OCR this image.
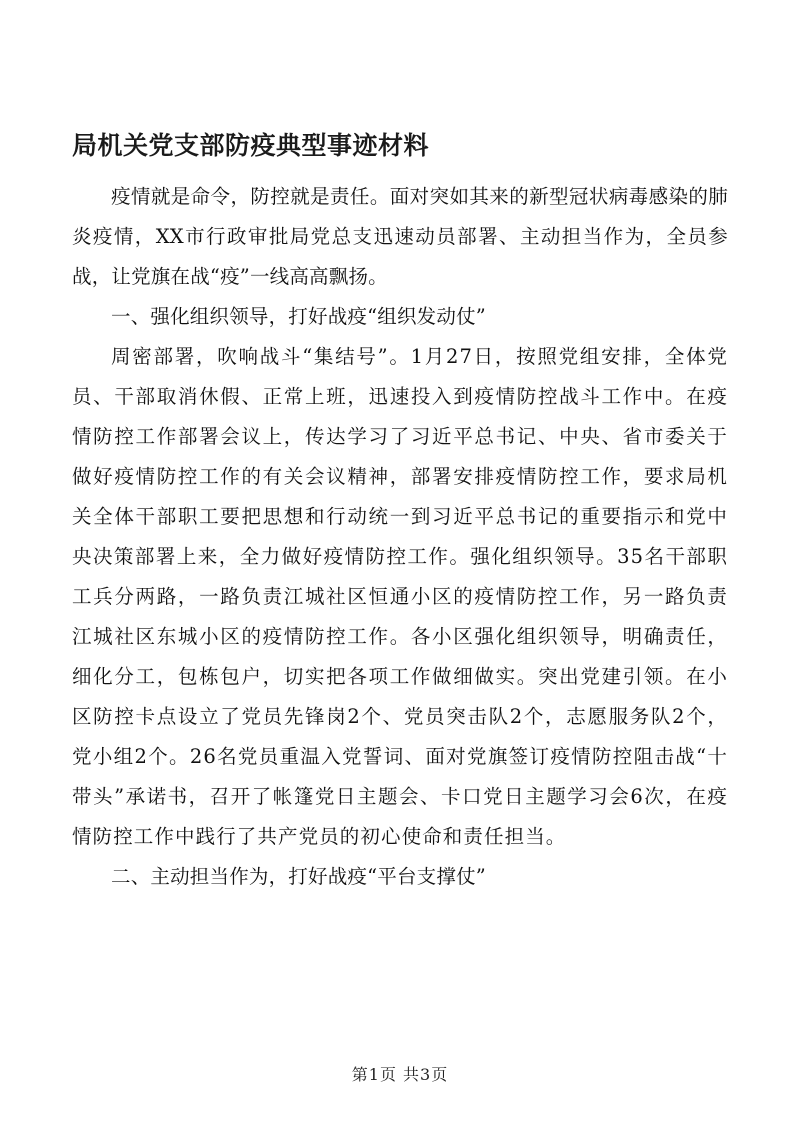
局机关党支部防疫典型事迹材料

疫情就是命令，防控就是责任。面对突如其来的新型冠状病毒感染的肺炎疫情，XX市行政审批局党总支迅速动员部署、主动担当作为，全员参战，让党旗在战“疫”一线高高飘扬。

一、强化组织领导，打好战疫“组织发动仗”

周密部署，吹响战斗“集结号”。1月27日，按照党组安排，全体党员、干部取消休假、正常上班，迅速投入到疫情防控战斗工作中。在疫情防控工作部署会议上，传达学习了习近平总书记、中央、省市委关于做好疫情防控工作的有关会议精神，部署安排疫情防控工作，要求局机关全体干部职工要把思想和行动统一到习近平总书记的重要指示和党中央决策部署上来，全力做好疫情防控工作。强化组织领导。35名干部职工兵分两路，一路负责江城社区恒通小区的疫情防控工作，另一路负责江城社区东城小区的疫情防控工作。各小区强化组织领导，明确责任，细化分工，包栋包户，切实把各项工作做细做实。突出党建引领。在小区防控卡点设立了党员先锋岗2个、党员突击队2个，志愿服务队2个，党小组2个。26名党员重温入党誓词、面对党旗签订疫情防控阻击战“十带头”承诺书，召开了帐篷党日主题会、卡口党日主题学习会6次，在疫情防控工作中践行了共产党员的初心使命和责任担当。

二、主动担当作为，打好战疫“平台支撑仗”

第1页 共3页
